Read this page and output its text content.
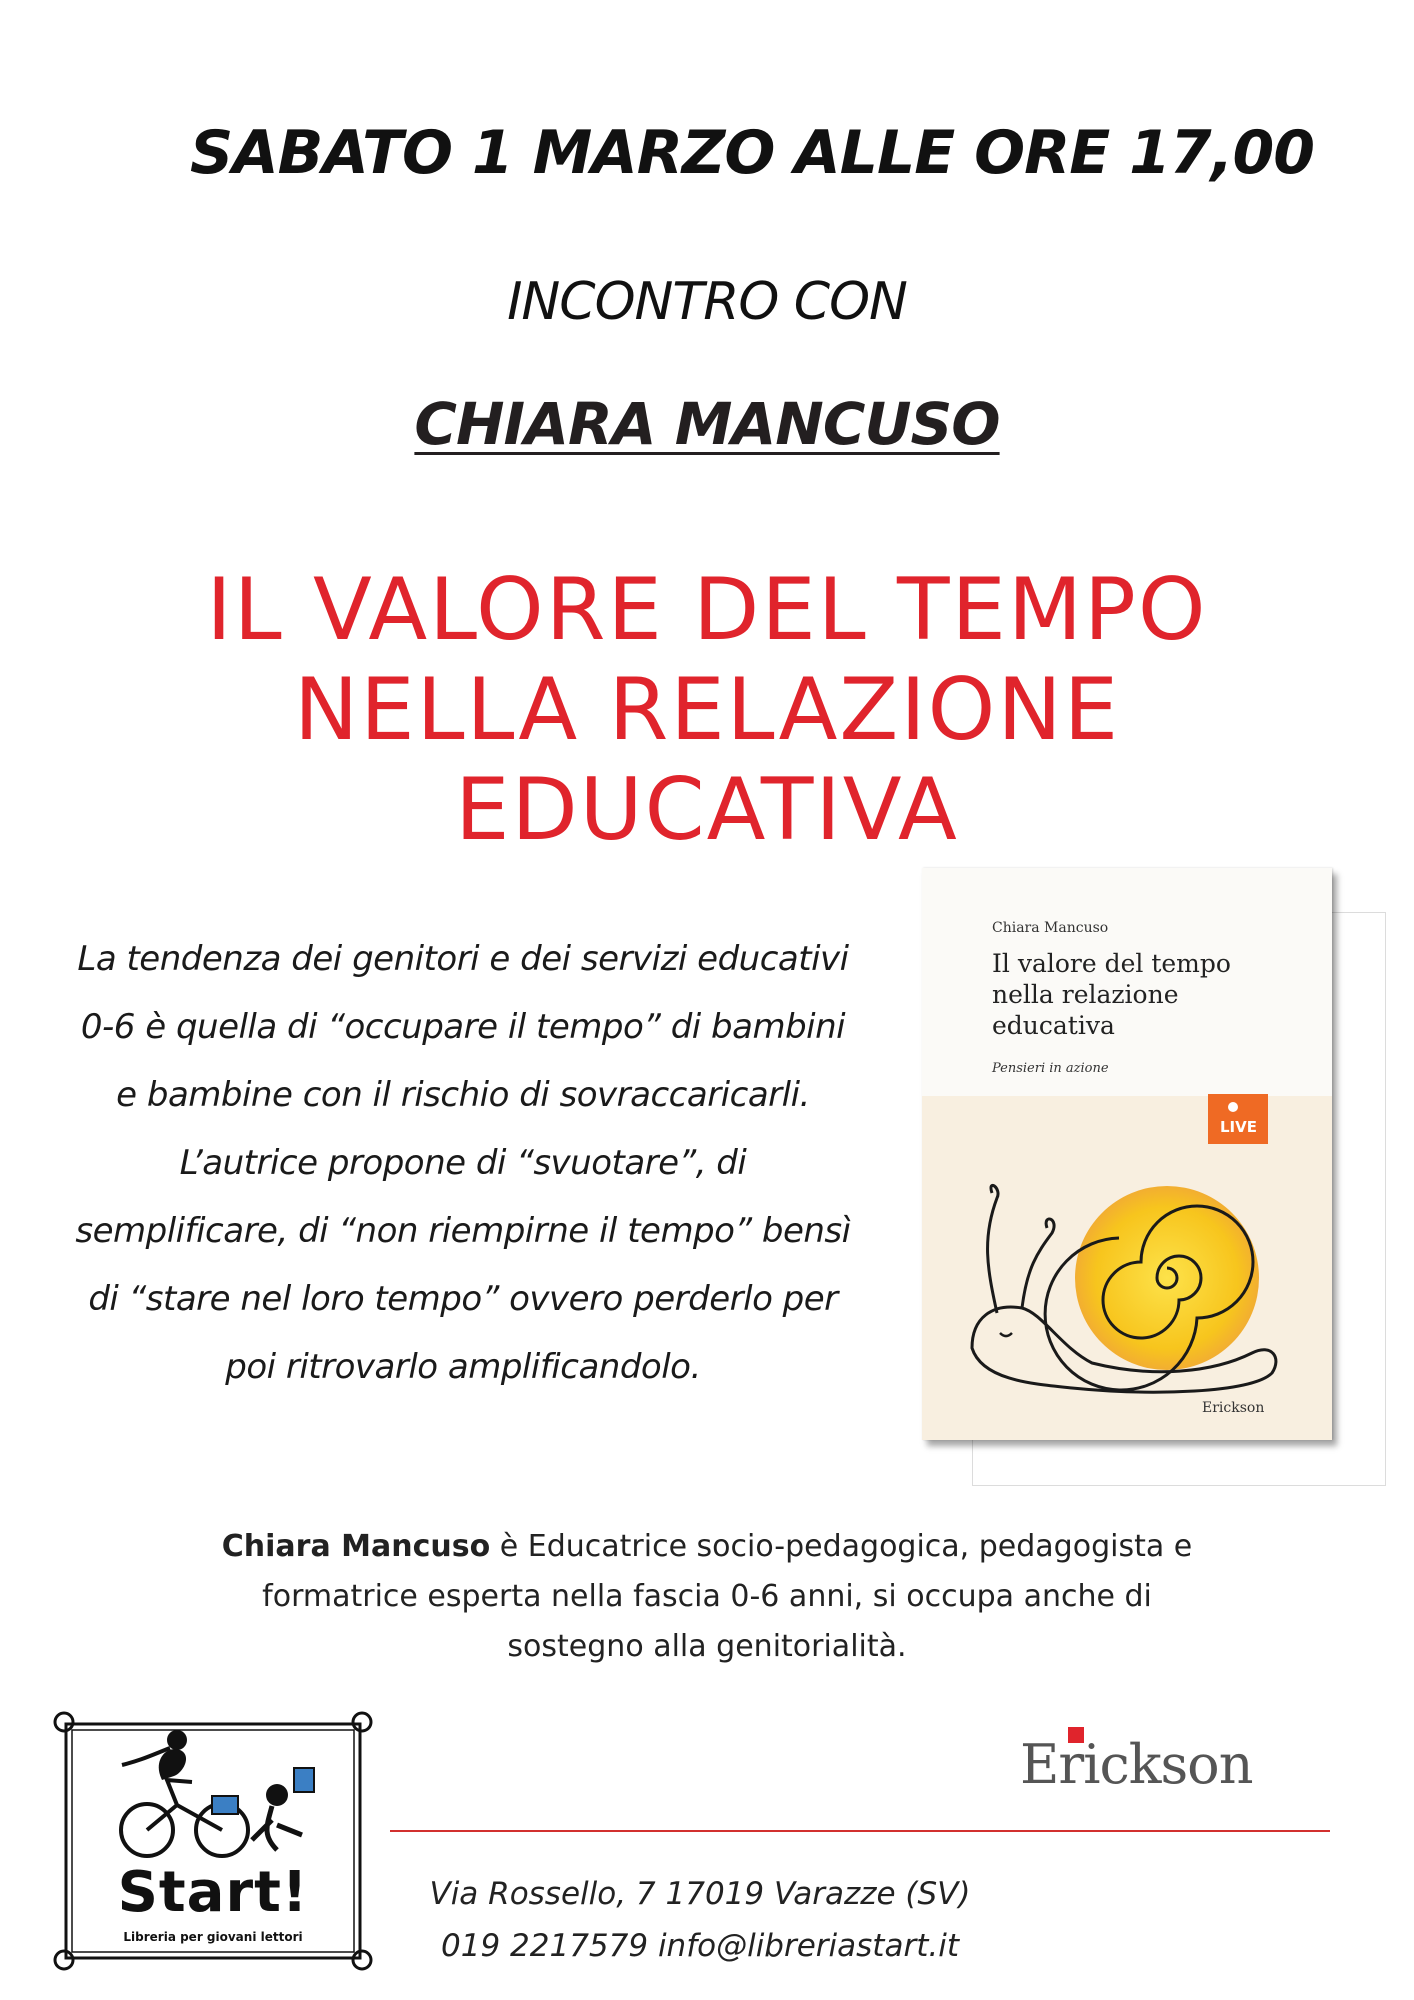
SABATO 1 MARZO ALLE ORE 17,00
INCONTRO CON
CHIARA MANCUSO
IL VALORE DEL TEMPO
NELLA RELAZIONE
EDUCATIVA
La tendenza dei genitori e dei servizi educativi
0-6 è quella di “occupare il tempo” di bambini
e bambine con il rischio di sovraccaricarli.
L’autrice propone di “svuotare”, di
semplificare, di “non riempirne il tempo” bensì
di “stare nel loro tempo” ovvero perderlo per
poi ritrovarlo amplificandolo.
Chiara Mancuso
Il valore del tempo
nella relazione
educativa
Pensieri in azione
LIVE
Erickson
Chiara Mancuso è Educatrice socio-pedagogica, pedagogista e
formatrice esperta nella fascia 0-6 anni, si occupa anche di
sostegno alla genitorialità.
Start!
Libreria per giovani lettori
Erickson
Via Rossello, 7 17019 Varazze (SV)
019 2217579 info@libreriastart.it
